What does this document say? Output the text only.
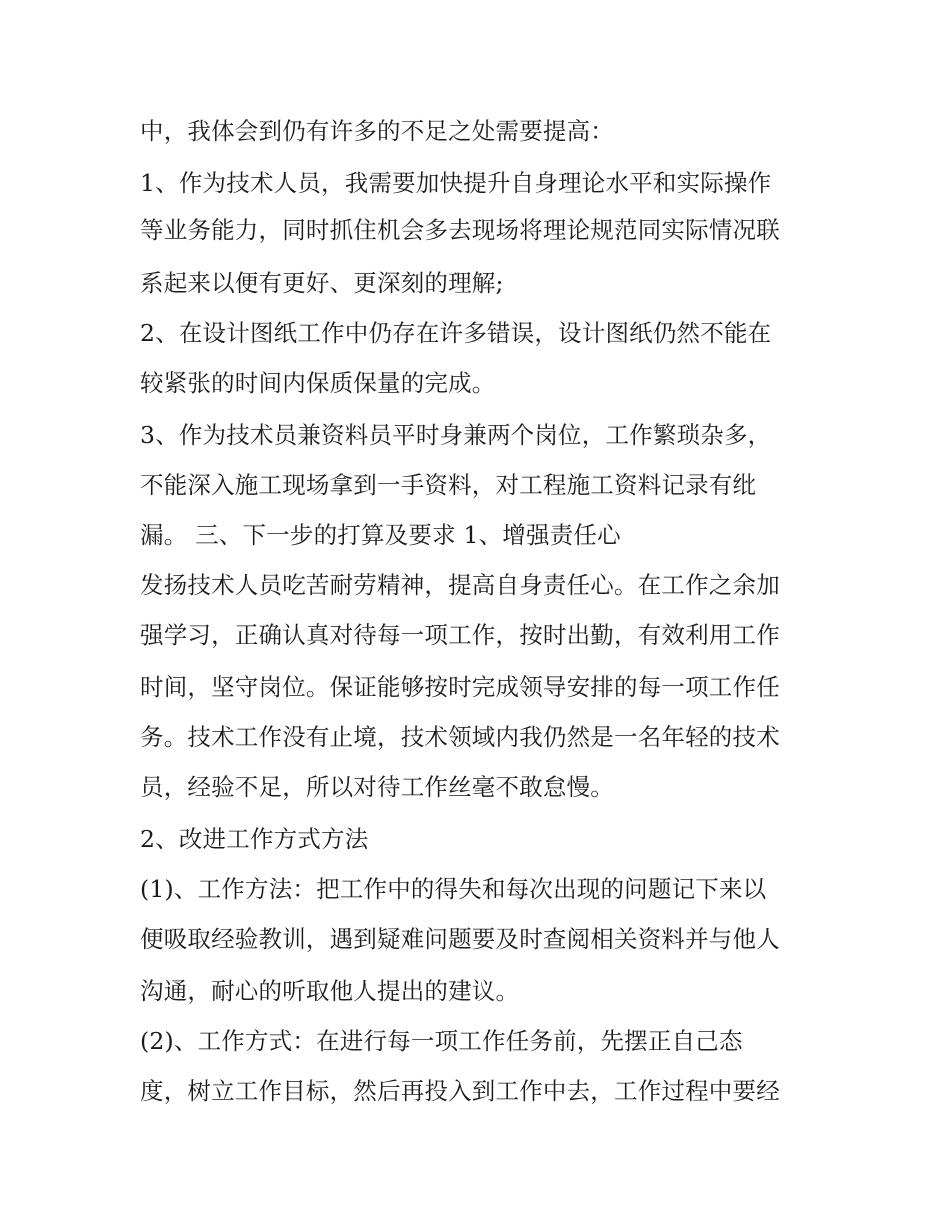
中，我体会到仍有许多的不足之处需要提高：
1、作为技术人员，我需要加快提升自身理论水平和实际操作
等业务能力，同时抓住机会多去现场将理论规范同实际情况联
系起来以便有更好、更深刻的理解;
2、在设计图纸工作中仍存在许多错误，设计图纸仍然不能在
较紧张的时间内保质保量的完成。
3、作为技术员兼资料员平时身兼两个岗位，工作繁琐杂多，
不能深入施工现场拿到一手资料，对工程施工资料记录有纰
漏。 三、下一步的打算及要求 1、增强责任心
发扬技术人员吃苦耐劳精神，提高自身责任心。在工作之余加
强学习，正确认真对待每一项工作，按时出勤，有效利用工作
时间，坚守岗位。保证能够按时完成领导安排的每一项工作任
务。技术工作没有止境，技术领域内我仍然是一名年轻的技术
员，经验不足，所以对待工作丝毫不敢怠慢。
2、改进工作方式方法
(1)、工作方法：把工作中的得失和每次出现的问题记下来以
便吸取经验教训，遇到疑难问题要及时查阅相关资料并与他人
沟通，耐心的听取他人提出的建议。
(2)、工作方式：在进行每一项工作任务前，先摆正自己态
度，树立工作目标，然后再投入到工作中去，工作过程中要经
